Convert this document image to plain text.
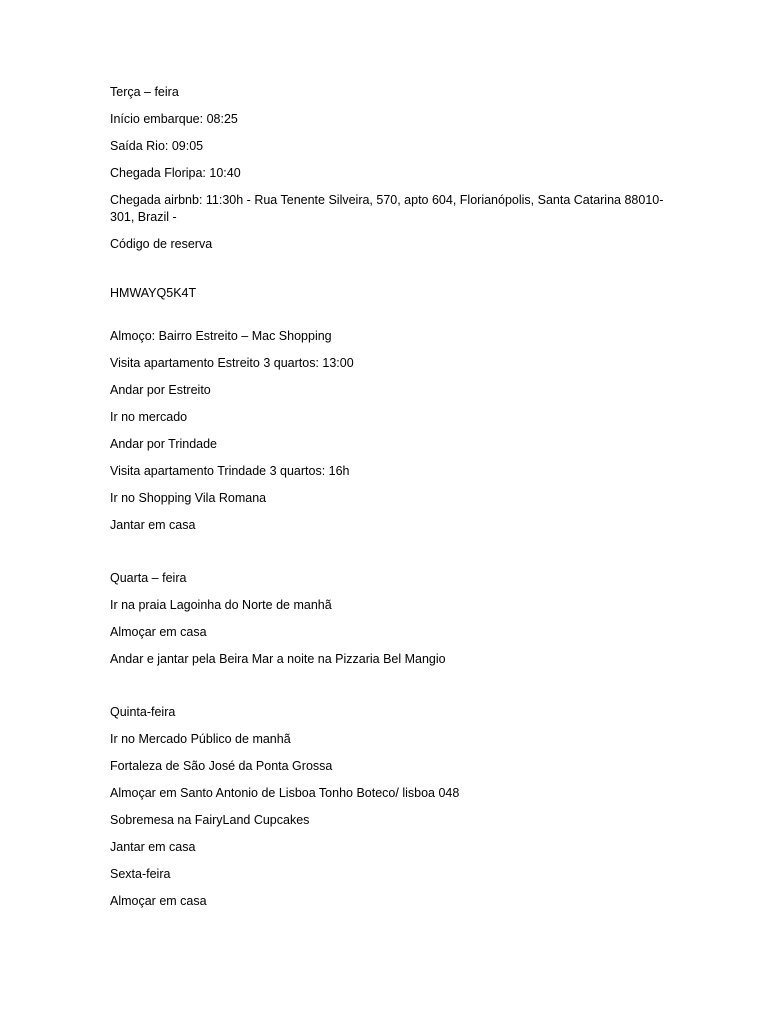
Terça – feira
Início embarque: 08:25
Saída Rio: 09:05
Chegada Floripa: 10:40
Chegada airbnb: 11:30h - Rua Tenente Silveira, 570, apto 604, Florianópolis, Santa Catarina 88010-301, Brazil -
Código de reserva
HMWAYQ5K4T
Almoço: Bairro Estreito – Mac Shopping
Visita apartamento Estreito 3 quartos: 13:00
Andar por Estreito
Ir no mercado
Andar por Trindade
Visita apartamento Trindade 3 quartos: 16h
Ir no Shopping Vila Romana
Jantar em casa
Quarta – feira
Ir na praia Lagoinha do Norte de manhã
Almoçar em casa
Andar e jantar pela Beira Mar a noite na Pizzaria Bel Mangio
Quinta-feira
Ir no Mercado Público de manhã
Fortaleza de São José da Ponta Grossa
Almoçar em Santo Antonio de Lisboa Tonho Boteco/ lisboa 048
Sobremesa na FairyLand Cupcakes
Jantar em casa
Sexta-feira
Almoçar em casa
